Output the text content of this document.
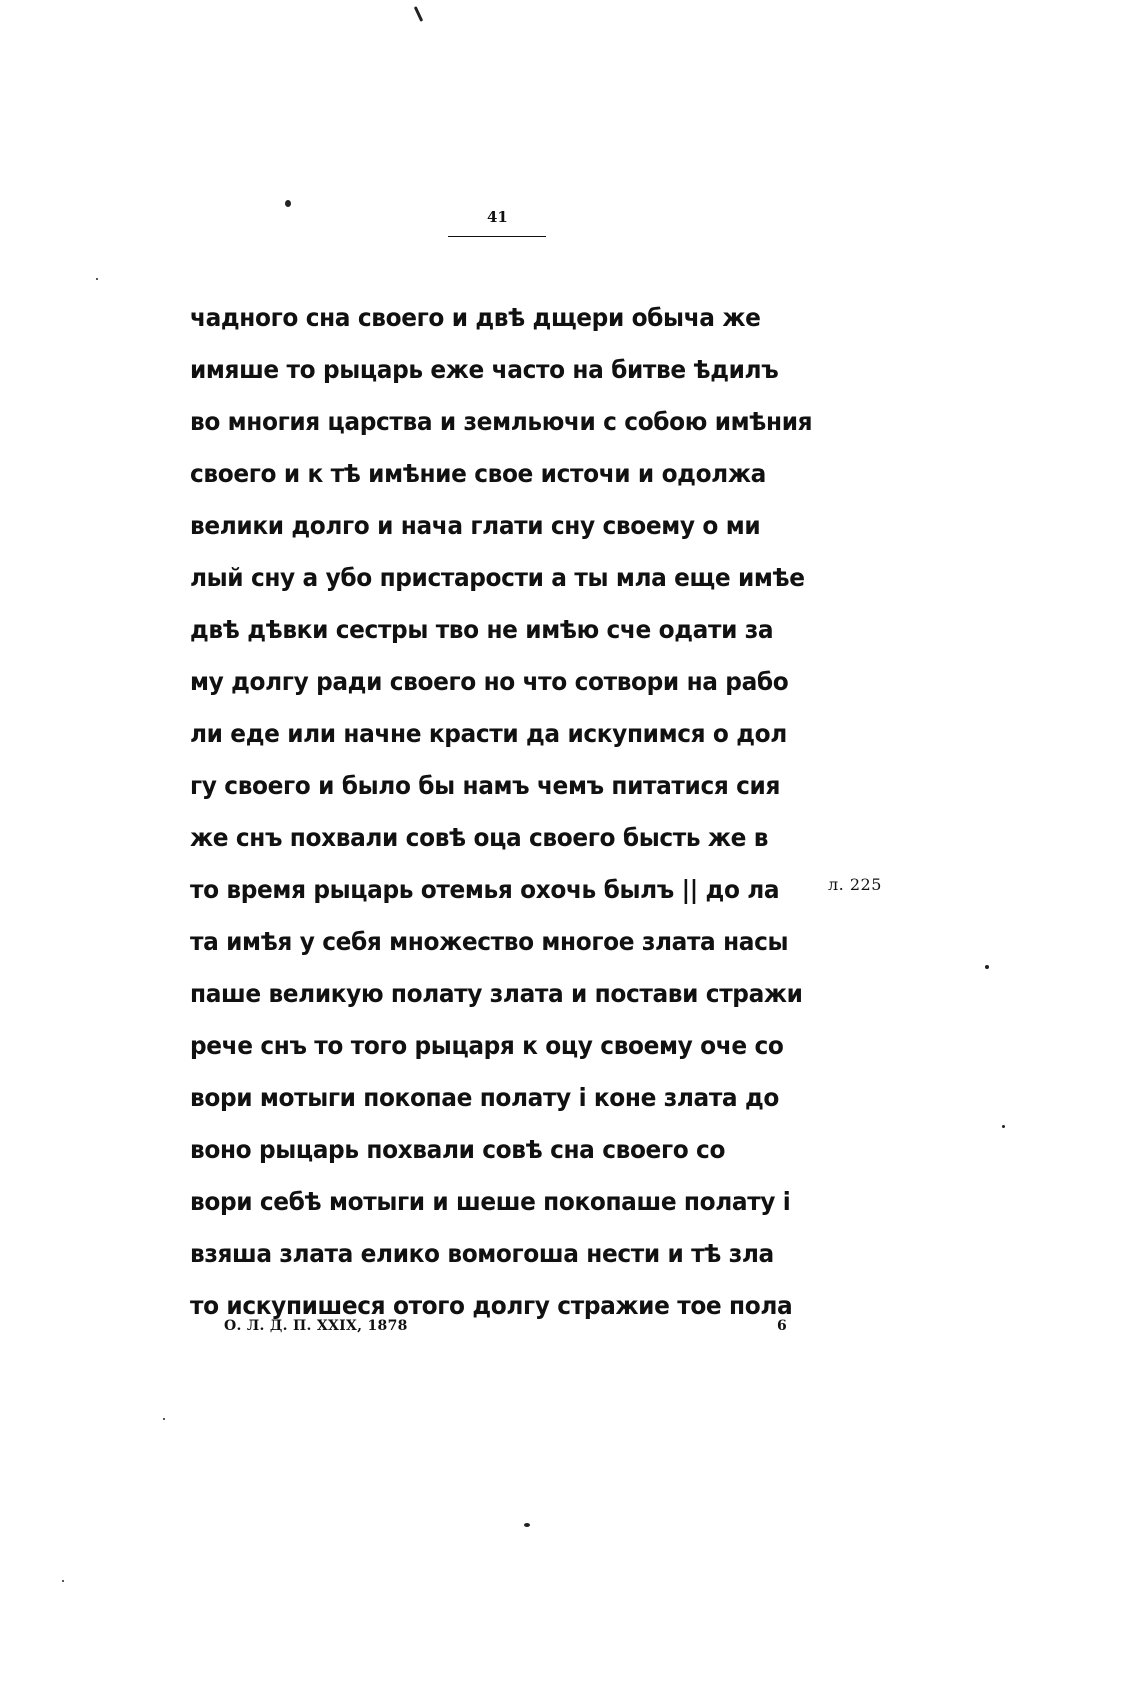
41
чадного сна своего и двѣ дщери обыча же
имяше то рыцарь еже часто на битве ѣдилъ
во многия царства и земльючи с собою имѣния
своего и к тѣ имѣние свое источи и одолжа
велики долго и нача глати сну своему о ми
лый сну а убо пристарости а ты мла еще имѣе
двѣ дѣвки сестры тво не имѣю сче одати за
му долгу ради своего но что сотвори на рабо
ли еде или начне красти да искупимся о дол
гу своего и было бы намъ чемъ питатися сия
же снъ похвали совѣ оца своего бысть же в
то время рыцарь отемья охочь былъ || до ла
та имѣя у себя множество многое злата насы
паше великую полату злата и постави стражи
рече снъ то того рыцаря к оцу своему оче со
вори мотыги покопае полату і коне злата до
воно рыцарь похвали совѣ сна своего со
вори себѣ мотыги и шеше покопаше полату і
взяша злата елико вомогоша нести и тѣ зла
то искупишеся отого долгу стражие тое пола
л. 225
О. Л. Д. П. XXIX, 1878	6
